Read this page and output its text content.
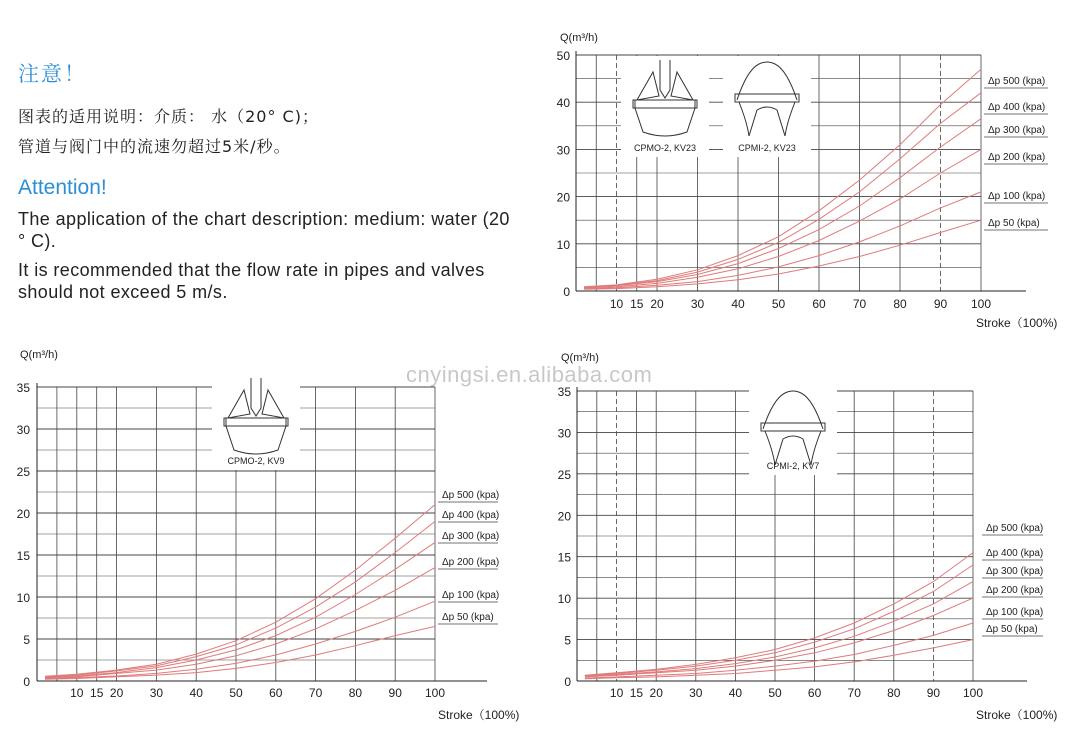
注意！
图表的适用说明：介质： 水（20° C)；
管道与阀门中的流速勿超过5米/秒。
Attention!
The application of the chart description: medium: water (20 ° C).
It is recommended that the flow rate in pipes and valves should not exceed 5 m/s.	0
10
20
30
40
50
10 15 20 30 40 50 60 70 80 90 100
Q(m³/h)
Stroke（100%)
Δp 500 (kpa)
Δp 400 (kpa)
Δp 300 (kpa)
Δp 200 (kpa)
Δp 100 (kpa)
Δp 50 (kpa)
CPMO-2, KV23	CPMI-2, KV23
0
5
10
15
20
25
30
35
10 15 20 30 40 50 60 70 80 90 100
Q(m³/h)
Stroke（100%)
Δp 500 (kpa)
Δp 400 (kpa)
Δp 300 (kpa)
Δp 200 (kpa)
Δp 100 (kpa)
Δp 50 (kpa)
CPMO-2, KV9
0
5
10
15
20
25
30
35
10 15 20 30 40 50 60 70 80 90 100
Q(m³/h)
Stroke（100%)
Δp 500 (kpa)
Δp 400 (kpa)
Δp 300 (kpa)
Δp 200 (kpa)
Δp 100 (kpa)
Δp 50 (kpa)
CPMI-2, KV7
cnyingsi.en.alibaba.com
